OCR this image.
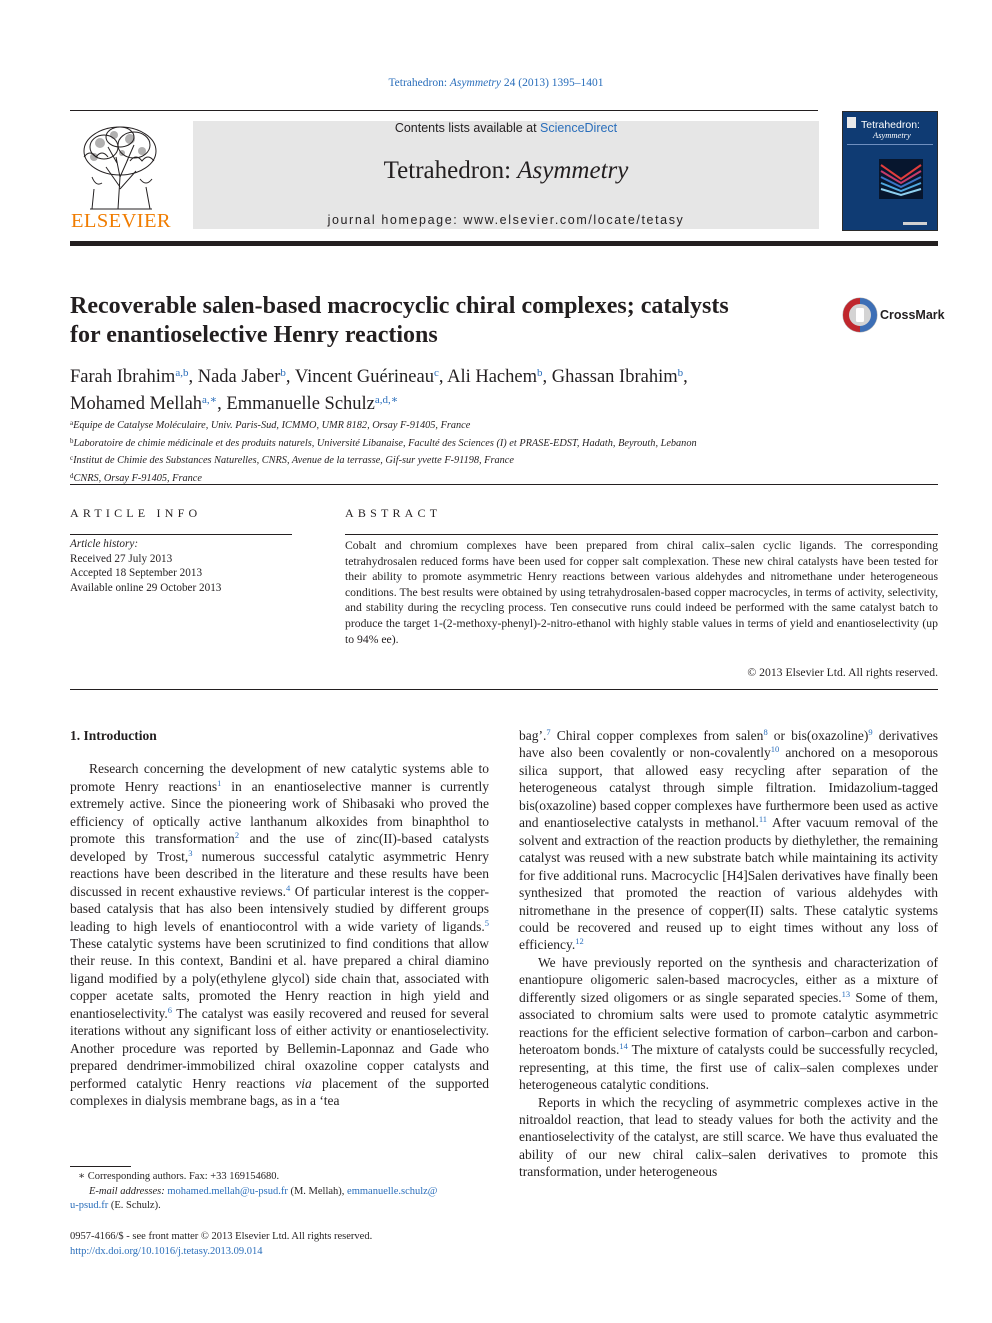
Tetrahedron: Asymmetry 24 (2013) 1395–1401
ELSEVIER
Contents lists available at ScienceDirect
Tetrahedron: Asymmetry
journal homepage: www.elsevier.com/locate/tetasy
Tetrahedron:
Asymmetry
Recoverable salen-based macrocyclic chiral complexes; catalysts
for enantioselective Henry reactions
CrossMark
Farah Ibrahim$^{a,b}$, Nada Jaber$^b$, Vincent Guérineau$^c$, Ali Hachem$^b$, Ghassan Ibrahim$^b$,
Mohamed Mellah$^{a,∗}$, Emmanuelle Schulz$^{a,d,∗}$
$^a$Equipe de Catalyse Moléculaire, Univ. Paris-Sud, ICMMO, UMR 8182, Orsay F-91405, France
$^b$Laboratoire de chimie médicinale et des produits naturels, Université Libanaise, Faculté des Sciences (I) et PRASE-EDST, Hadath, Beyrouth, Lebanon
$^c$Institut de Chimie des Substances Naturelles, CNRS, Avenue de la terrasse, Gif-sur yvette F-91198, France
$^d$CNRS, Orsay F-91405, France
ARTICLE INFO	ABSTRACT
Article history:
Received 27 July 2013
Accepted 18 September 2013
Available online 29 October 2013
Cobalt and chromium complexes have been prepared from chiral calix–salen cyclic ligands. The corresponding tetrahydrosalen reduced forms have been used for copper salt complexation. These new chiral catalysts have been tested for their ability to promote asymmetric Henry reactions between various aldehydes and nitromethane under heterogeneous conditions. The best results were obtained by using tetrahydrosalen-based copper macrocycles, in terms of activity, selectivity, and stability during the recycling process. Ten consecutive runs could indeed be performed with the same catalyst batch to produce the target 1-(2-methoxy-phenyl)-2-nitro-ethanol with highly stable values in terms of yield and enantioselectivity (up to 94% ee).
© 2013 Elsevier Ltd. All rights reserved.

1. Introduction

Research concerning the development of new catalytic systems able to promote Henry reactions$^1$ in an enantioselective manner is currently extremely active. Since the pioneering work of Shibasaki who proved the efficiency of optically active lanthanum alkoxides from binaphthol to promote this transformation$^2$ and the use of zinc(II)-based catalysts developed by Trost,$^3$ numerous successful catalytic asymmetric Henry reactions have been described in the literature and these results have been discussed in recent exhaustive reviews.$^4$ Of particular interest is the copper-based catalysis that has also been intensively studied by different groups leading to high levels of enantiocontrol with a wide variety of ligands.$^5$ These catalytic systems have been scrutinized to find conditions that allow their reuse. In this context, Bandini et al. have prepared a chiral diamino ligand modified by a poly(ethylene glycol) side chain that, associated with copper acetate salts, promoted the Henry reaction in high yield and enantioselectivity.$^6$ The catalyst was easily recovered and reused for several iterations without any significant loss of either activity or enantioselectivity. Another procedure was reported by Bellemin-Laponnaz and Gade who prepared dendrimer-immobilized chiral oxazoline copper catalysts and performed catalytic Henry reactions via placement of the supported complexes in dialysis membrane bags, as in a ‘tea

bag’.$^7$ Chiral copper complexes from salen$^8$ or bis(oxazoline)$^9$ derivatives have also been covalently or non-covalently$^{10}$ anchored on a mesoporous silica support, that allowed easy recycling after separation of the heterogeneous catalyst through simple filtration. Imidazolium-tagged bis(oxazoline) based copper complexes have furthermore been used as active and enantioselective catalysts in methanol.$^{11}$ After vacuum removal of the solvent and extraction of the reaction products by diethylether, the remaining catalyst was reused with a new substrate batch while maintaining its activity for five additional runs. Macrocyclic [H4]Salen derivatives have finally been synthesized that promoted the reaction of various aldehydes with nitromethane in the presence of copper(II) salts. These catalytic systems could be recovered and reused up to eight times without any loss of efficiency.$^{12}$

We have previously reported on the synthesis and characterization of enantiopure oligomeric salen-based macrocycles, either as a mixture of differently sized oligomers or as single separated species.$^{13}$ Some of them, associated to chromium salts were used to promote catalytic asymmetric reactions for the efficient selective formation of carbon–carbon and carbon-heteroatom bonds.$^{14}$ The mixture of catalysts could be successfully recycled, representing, at this time, the first use of calix–salen complexes under heterogeneous catalytic conditions.

Reports in which the recycling of asymmetric complexes active in the nitroaldol reaction, that lead to steady values for both the activity and the enantioselectivity of the catalyst, are still scarce. We have thus evaluated the ability of our new chiral calix–salen derivatives to promote this transformation, under heterogeneous

∗ Corresponding authors. Fax: +33 169154680.
E-mail addresses: mohamed.mellah@u-psud.fr (M. Mellah), emmanuelle.schulz@
u-psud.fr (E. Schulz).
0957-4166/$ - see front matter © 2013 Elsevier Ltd. All rights reserved.
http://dx.doi.org/10.1016/j.tetasy.2013.09.014
